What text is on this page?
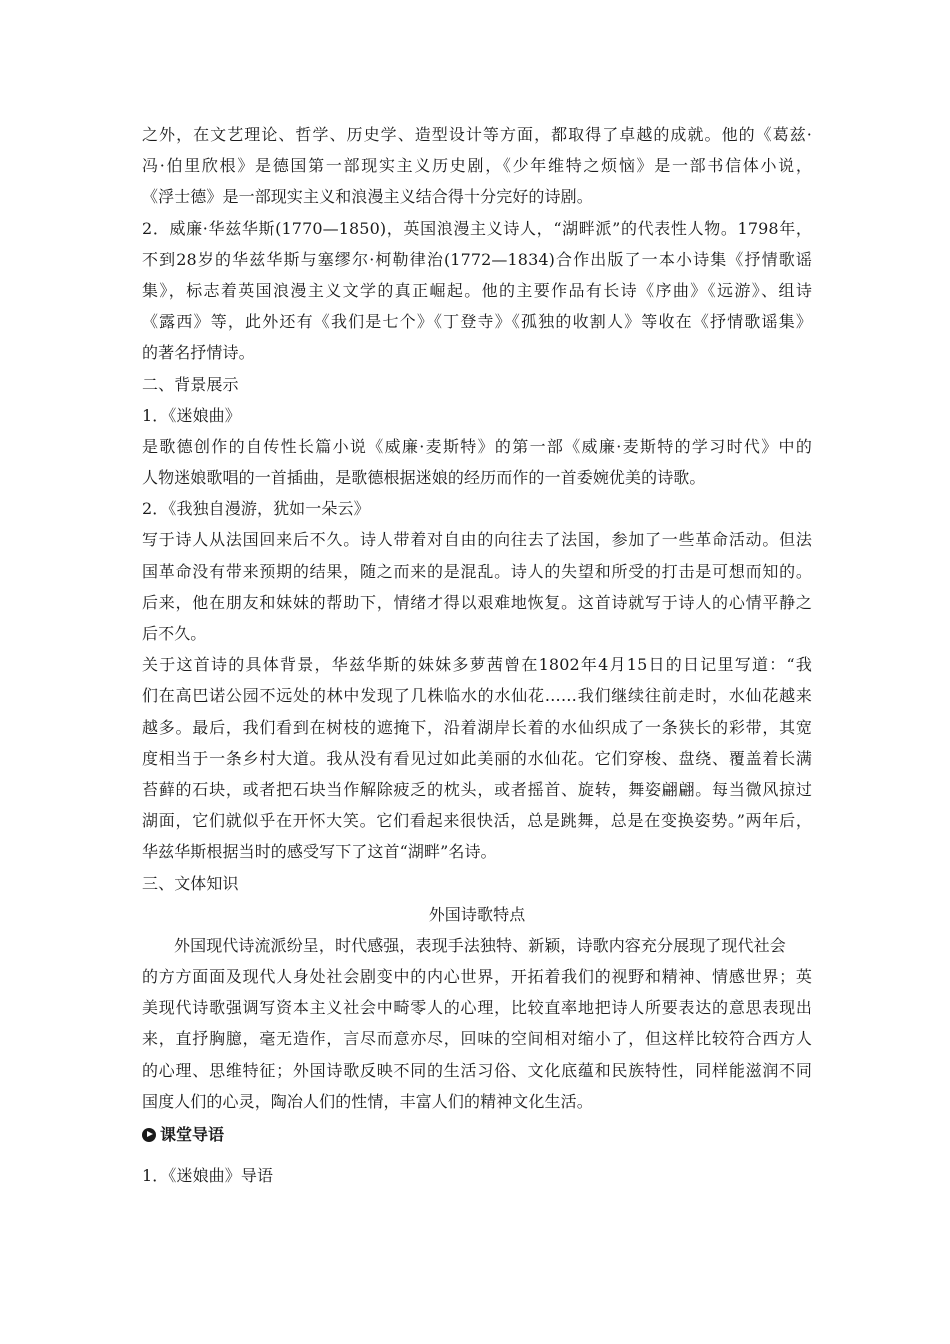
之外，在文艺理论、哲学、历史学、造型设计等方面，都取得了卓越的成就。他的《葛兹·
冯·伯里欣根》是德国第一部现实主义历史剧，《少年维特之烦恼》是一部书信体小说，
《浮士德》是一部现实主义和浪漫主义结合得十分完好的诗剧。
2．威廉·华兹华斯(1770—1850)，英国浪漫主义诗人，“湖畔派”的代表性人物。1798年，
不到28岁的华兹华斯与塞缪尔·柯勒律治(1772—1834)合作出版了一本小诗集《抒情歌谣
集》，标志着英国浪漫主义文学的真正崛起。他的主要作品有长诗《序曲》《远游》、组诗
《露西》等，此外还有《我们是七个》《丁登寺》《孤独的收割人》等收在《抒情歌谣集》
的著名抒情诗。
二、背景展示
1．《迷娘曲》
是歌德创作的自传性长篇小说《威廉·麦斯特》的第一部《威廉·麦斯特的学习时代》中的
人物迷娘歌唱的一首插曲，是歌德根据迷娘的经历而作的一首委婉优美的诗歌。
2．《我独自漫游，犹如一朵云》
写于诗人从法国回来后不久。诗人带着对自由的向往去了法国，参加了一些革命活动。但法
国革命没有带来预期的结果，随之而来的是混乱。诗人的失望和所受的打击是可想而知的。
后来，他在朋友和妹妹的帮助下，情绪才得以艰难地恢复。这首诗就写于诗人的心情平静之
后不久。
关于这首诗的具体背景，华兹华斯的妹妹多萝茜曾在1802年4月15日的日记里写道：“我
们在高巴诺公园不远处的林中发现了几株临水的水仙花……我们继续往前走时，水仙花越来
越多。最后，我们看到在树枝的遮掩下，沿着湖岸长着的水仙织成了一条狭长的彩带，其宽
度相当于一条乡村大道。我从没有看见过如此美丽的水仙花。它们穿梭、盘绕、覆盖着长满
苔藓的石块，或者把石块当作解除疲乏的枕头，或者摇首、旋转，舞姿翩翩。每当微风掠过
湖面，它们就似乎在开怀大笑。它们看起来很快活，总是跳舞，总是在变换姿势。”两年后，
华兹华斯根据当时的感受写下了这首“湖畔”名诗。
三、文体知识
外国诗歌特点
外国现代诗流派纷呈，时代感强，表现手法独特、新颖，诗歌内容充分展现了现代社会
的方方面面及现代人身处社会剧变中的内心世界，开拓着我们的视野和精神、情感世界；英
美现代诗歌强调写资本主义社会中畸零人的心理，比较直率地把诗人所要表达的意思表现出
来，直抒胸臆，毫无造作，言尽而意亦尽，回味的空间相对缩小了，但这样比较符合西方人
的心理、思维特征；外国诗歌反映不同的生活习俗、文化底蕴和民族特性，同样能滋润不同
国度人们的心灵，陶冶人们的性情，丰富人们的精神文化生活。
课堂导语
1．《迷娘曲》导语
